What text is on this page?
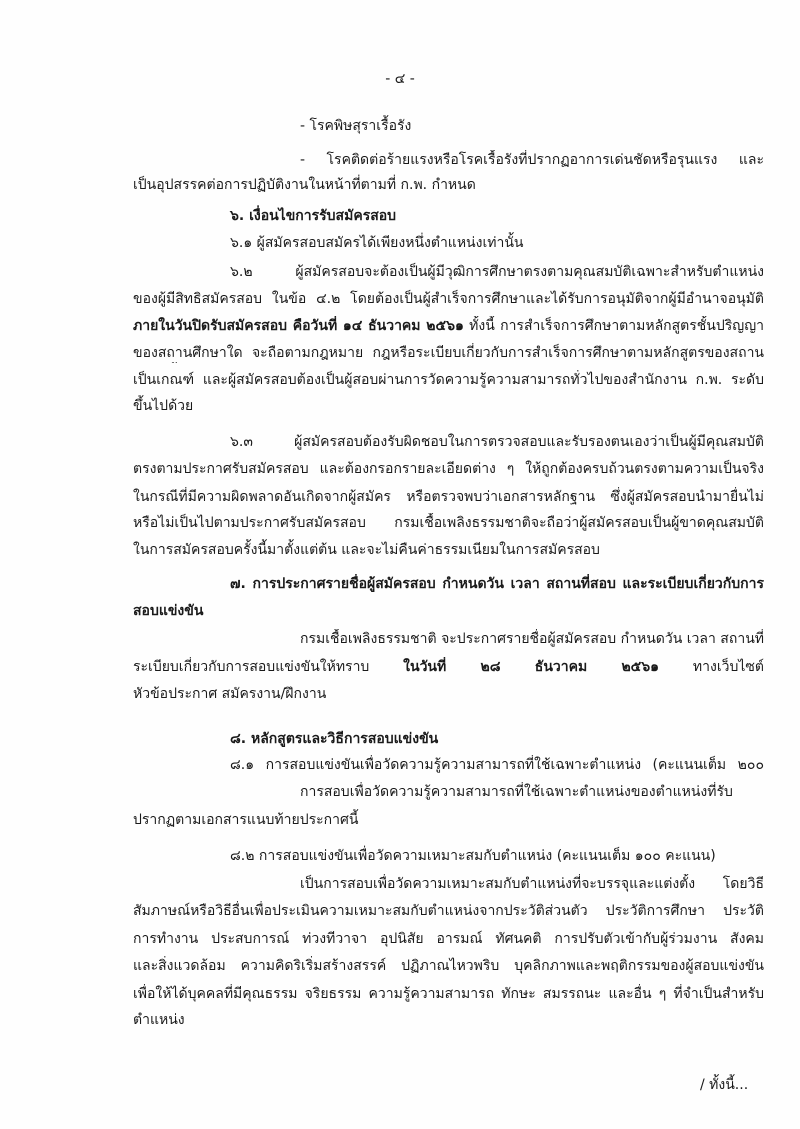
- ๔ -
- โรคพิษสุราเรื้อรัง
- โรคติดต่อร้ายแรงหรือโรคเรื้อรังที่ปรากฏอาการเด่นชัดหรือรุนแรง และ
เป็นอุปสรรคต่อการปฏิบัติงานในหน้าที่ตามที่ ก.พ. กำหนด
๖. เงื่อนไขการรับสมัครสอบ
๖.๑ ผู้สมัครสอบสมัครได้เพียงหนึ่งตำแหน่งเท่านั้น
๖.๒ ผู้สมัครสอบจะต้องเป็นผู้มีวุฒิการศึกษาตรงตามคุณสมบัติเฉพาะสำหรับตำแหน่ง
ของผู้มีสิทธิสมัครสอบ ในข้อ ๔.๒ โดยต้องเป็นผู้สำเร็จการศึกษาและได้รับการอนุมัติจากผู้มีอำนาจอนุมัติ
ภายในวันปิดรับสมัครสอบ คือวันที่ ๑๔ ธันวาคม ๒๕๖๑ ทั้งนี้ การสำเร็จการศึกษาตามหลักสูตรชั้นปริญญา
ของสถานศึกษาใด จะถือตามกฎหมาย กฎหรือระเบียบเกี่ยวกับการสำเร็จการศึกษาตามหลักสูตรของสถาน
เป็นเกณฑ์ และผู้สมัครสอบต้องเป็นผู้สอบผ่านการวัดความรู้ความสามารถทั่วไปของสำนักงาน ก.พ. ระดับ
ขึ้นไปด้วย
๖.๓ ผู้สมัครสอบต้องรับผิดชอบในการตรวจสอบและรับรองตนเองว่าเป็นผู้มีคุณสมบัติ
ตรงตามประกาศรับสมัครสอบ และต้องกรอกรายละเอียดต่าง ๆ ให้ถูกต้องครบถ้วนตรงตามความเป็นจริง
ในกรณีที่มีความผิดพลาดอันเกิดจากผู้สมัคร หรือตรวจพบว่าเอกสารหลักฐาน ซึ่งผู้สมัครสอบนำมายื่นไม่
หรือไม่เป็นไปตามประกาศรับสมัครสอบ กรมเชื้อเพลิงธรรมชาติจะถือว่าผู้สมัครสอบเป็นผู้ขาดคุณสมบัติ
ในการสมัครสอบครั้งนี้มาตั้งแต่ต้น และจะไม่คืนค่าธรรมเนียมในการสมัครสอบ
๗. การประกาศรายชื่อผู้สมัครสอบ กำหนดวัน เวลา สถานที่สอบ และระเบียบเกี่ยวกับการ
สอบแข่งขัน
กรมเชื้อเพลิงธรรมชาติ จะประกาศรายชื่อผู้สมัครสอบ กำหนดวัน เวลา สถานที่
ระเบียบเกี่ยวกับการสอบแข่งขันให้ทราบ ในวันที่ ๒๘ ธันวาคม ๒๕๖๑ ทางเว็บไซต์
หัวข้อประกาศ สมัครงาน/ฝึกงาน
๘. หลักสูตรและวิธีการสอบแข่งขัน
๘.๑ การสอบแข่งขันเพื่อวัดความรู้ความสามารถที่ใช้เฉพาะตำแหน่ง (คะแนนเต็ม ๒๐๐
การสอบเพื่อวัดความรู้ความสามารถที่ใช้เฉพาะตำแหน่งของตำแหน่งที่รับ
ปรากฏตามเอกสารแนบท้ายประกาศนี้
๘.๒ การสอบแข่งขันเพื่อวัดความเหมาะสมกับตำแหน่ง (คะแนนเต็ม ๑๐๐ คะแนน)
เป็นการสอบเพื่อวัดความเหมาะสมกับตำแหน่งที่จะบรรจุและแต่งตั้ง โดยวิธี
สัมภาษณ์หรือวิธีอื่นเพื่อประเมินความเหมาะสมกับตำแหน่งจากประวัติส่วนตัว ประวัติการศึกษา ประวัติ
การทำงาน ประสบการณ์ ท่วงทีวาจา อุปนิสัย อารมณ์ ทัศนคติ การปรับตัวเข้ากับผู้ร่วมงาน สังคม
และสิ่งแวดล้อม ความคิดริเริ่มสร้างสรรค์ ปฏิภาณไหวพริบ บุคลิกภาพและพฤติกรรมของผู้สอบแข่งขัน
เพื่อให้ได้บุคคลที่มีคุณธรรม จริยธรรม ความรู้ความสามารถ ทักษะ สมรรถนะ และอื่น ๆ ที่จำเป็นสำหรับ
ตำแหน่ง
/ ทั้งนี้...
